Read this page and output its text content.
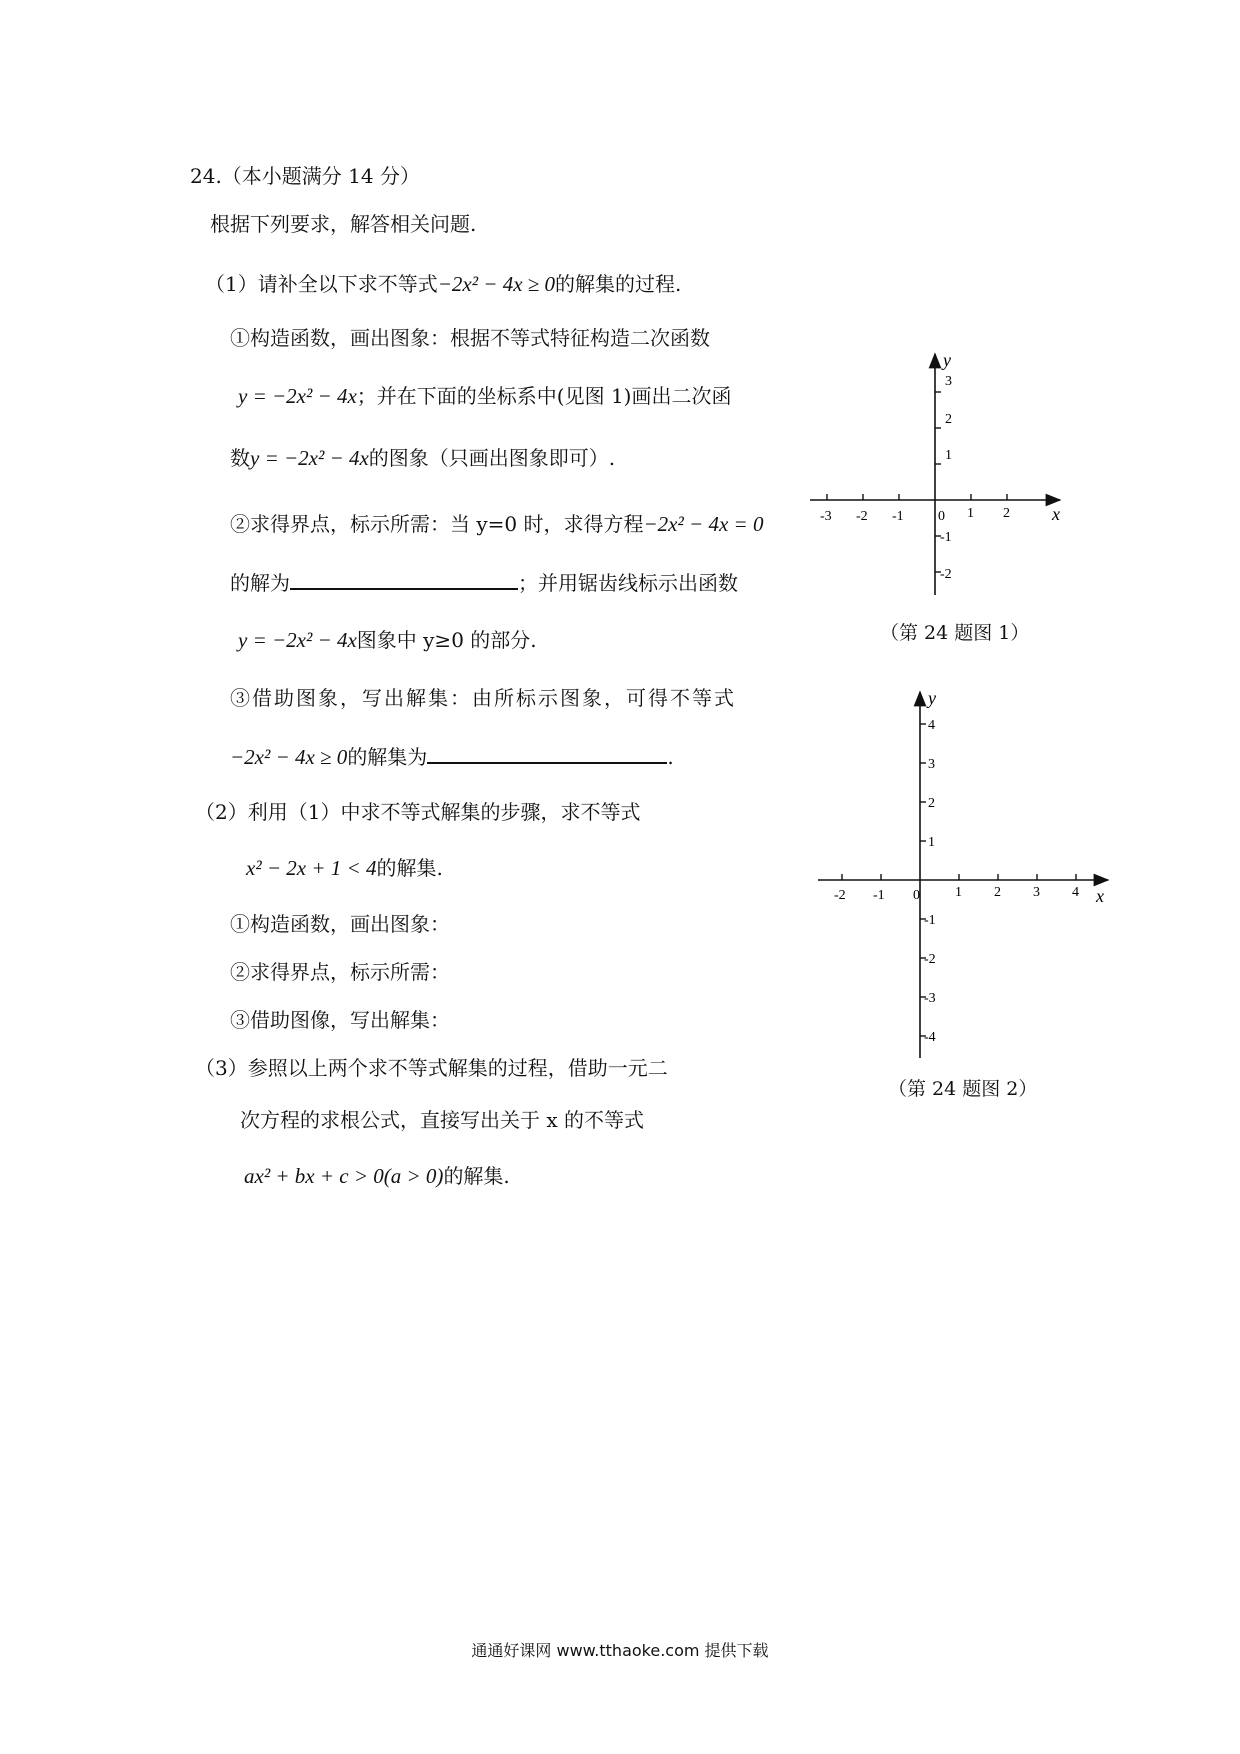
24.（本小题满分 14 分）
根据下列要求，解答相关问题.
（1）请补全以下求不等式−2x² − 4x ≥ 0的解集的过程.
①构造函数，画出图象：根据不等式特征构造二次函数
y = −2x² − 4x；并在下面的坐标系中(见图 1)画出二次函
数y = −2x² − 4x的图象（只画出图象即可）.
②求得界点，标示所需：当 y=0 时，求得方程−2x² − 4x = 0
的解为	；并用锯齿线标示出函数
y = −2x² − 4x图象中 y≥0 的部分.
③借助图象，写出解集：由所标示图象，可得不等式
−2x² − 4x ≥ 0的解集为	.
（2）利用（1）中求不等式解集的步骤，求不等式
x² − 2x + 1 < 4的解集.
①构造函数，画出图象：
②求得界点，标示所需：
③借助图像，写出解集：
（3）参照以上两个求不等式解集的过程，借助一元二
次方程的求根公式，直接写出关于 x 的不等式
ax² + bx + c > 0(a > 0)的解集.
-3 -2 -1 0 1 2
3
2
1
-1
-2
x
y
（第 24 题图 1）
-2 -1 0	1 2 3 4
4
3
2
1
-1
-2
-3
-4
x
y
（第 24 题图 2）
通通好课网 www.tthaoke.com 提供下载
